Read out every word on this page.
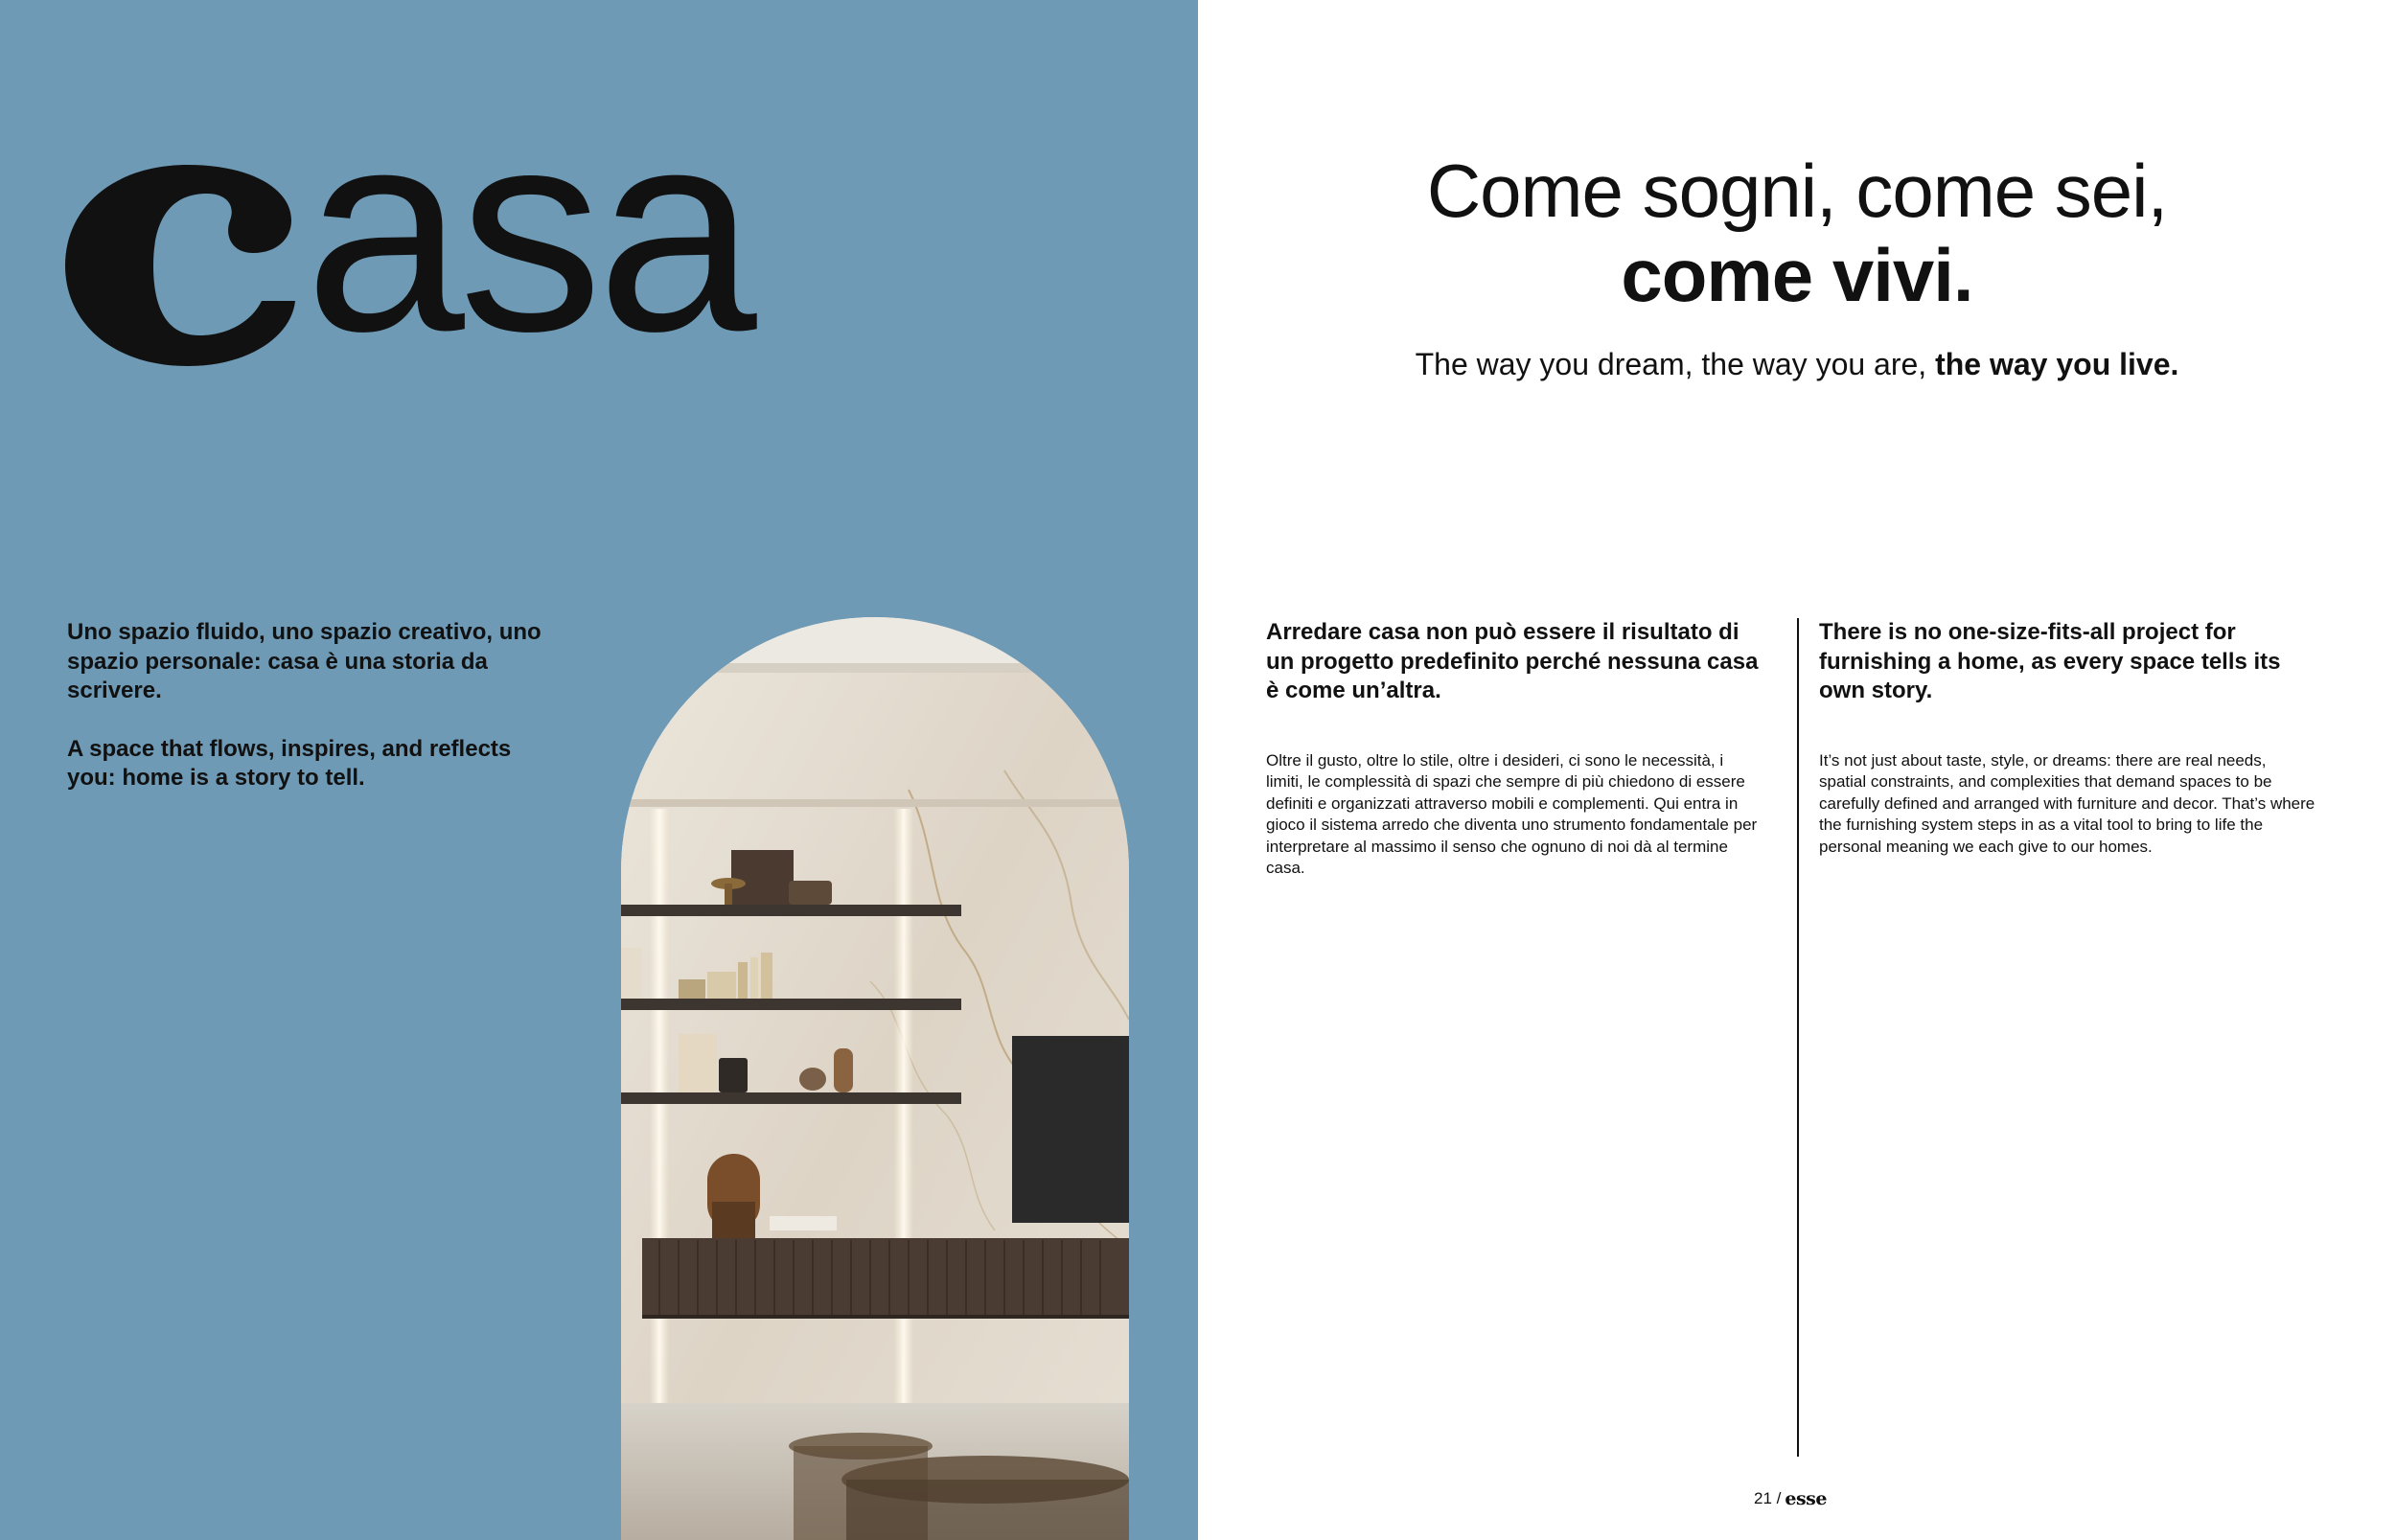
asa

Uno spazio fluido, uno spazio creativo, uno spazio personale: casa è una storia da scrivere.

A space that flows, inspires, and reflects you: home is a story to tell.

Come sogni, come sei,
come vivi.
The way you dream, the way you are, the way you live.
Arredare casa non può essere il risultato di un progetto predefinito perché nessuna casa è come un’altra.

Oltre il gusto, oltre lo stile, oltre i desideri, ci sono le necessità, i limiti, le complessità di spazi che sempre di più chiedono di essere definiti e organizzati attraverso mobili e complementi. Qui entra in gioco il sistema arredo che diventa uno strumento fondamentale per interpretare al massimo il senso che ognuno di noi dà al termine casa.

There is no one-size-fits-all project for furnishing a home, as every space tells its own story.

It’s not just about taste, style, or dreams: there are real needs, spatial constraints, and complexities that demand spaces to be carefully defined and arranged with furniture and decor. That’s where the furnishing system steps in as a vital tool to bring to life the personal meaning we each give to our homes.

21 / esse
